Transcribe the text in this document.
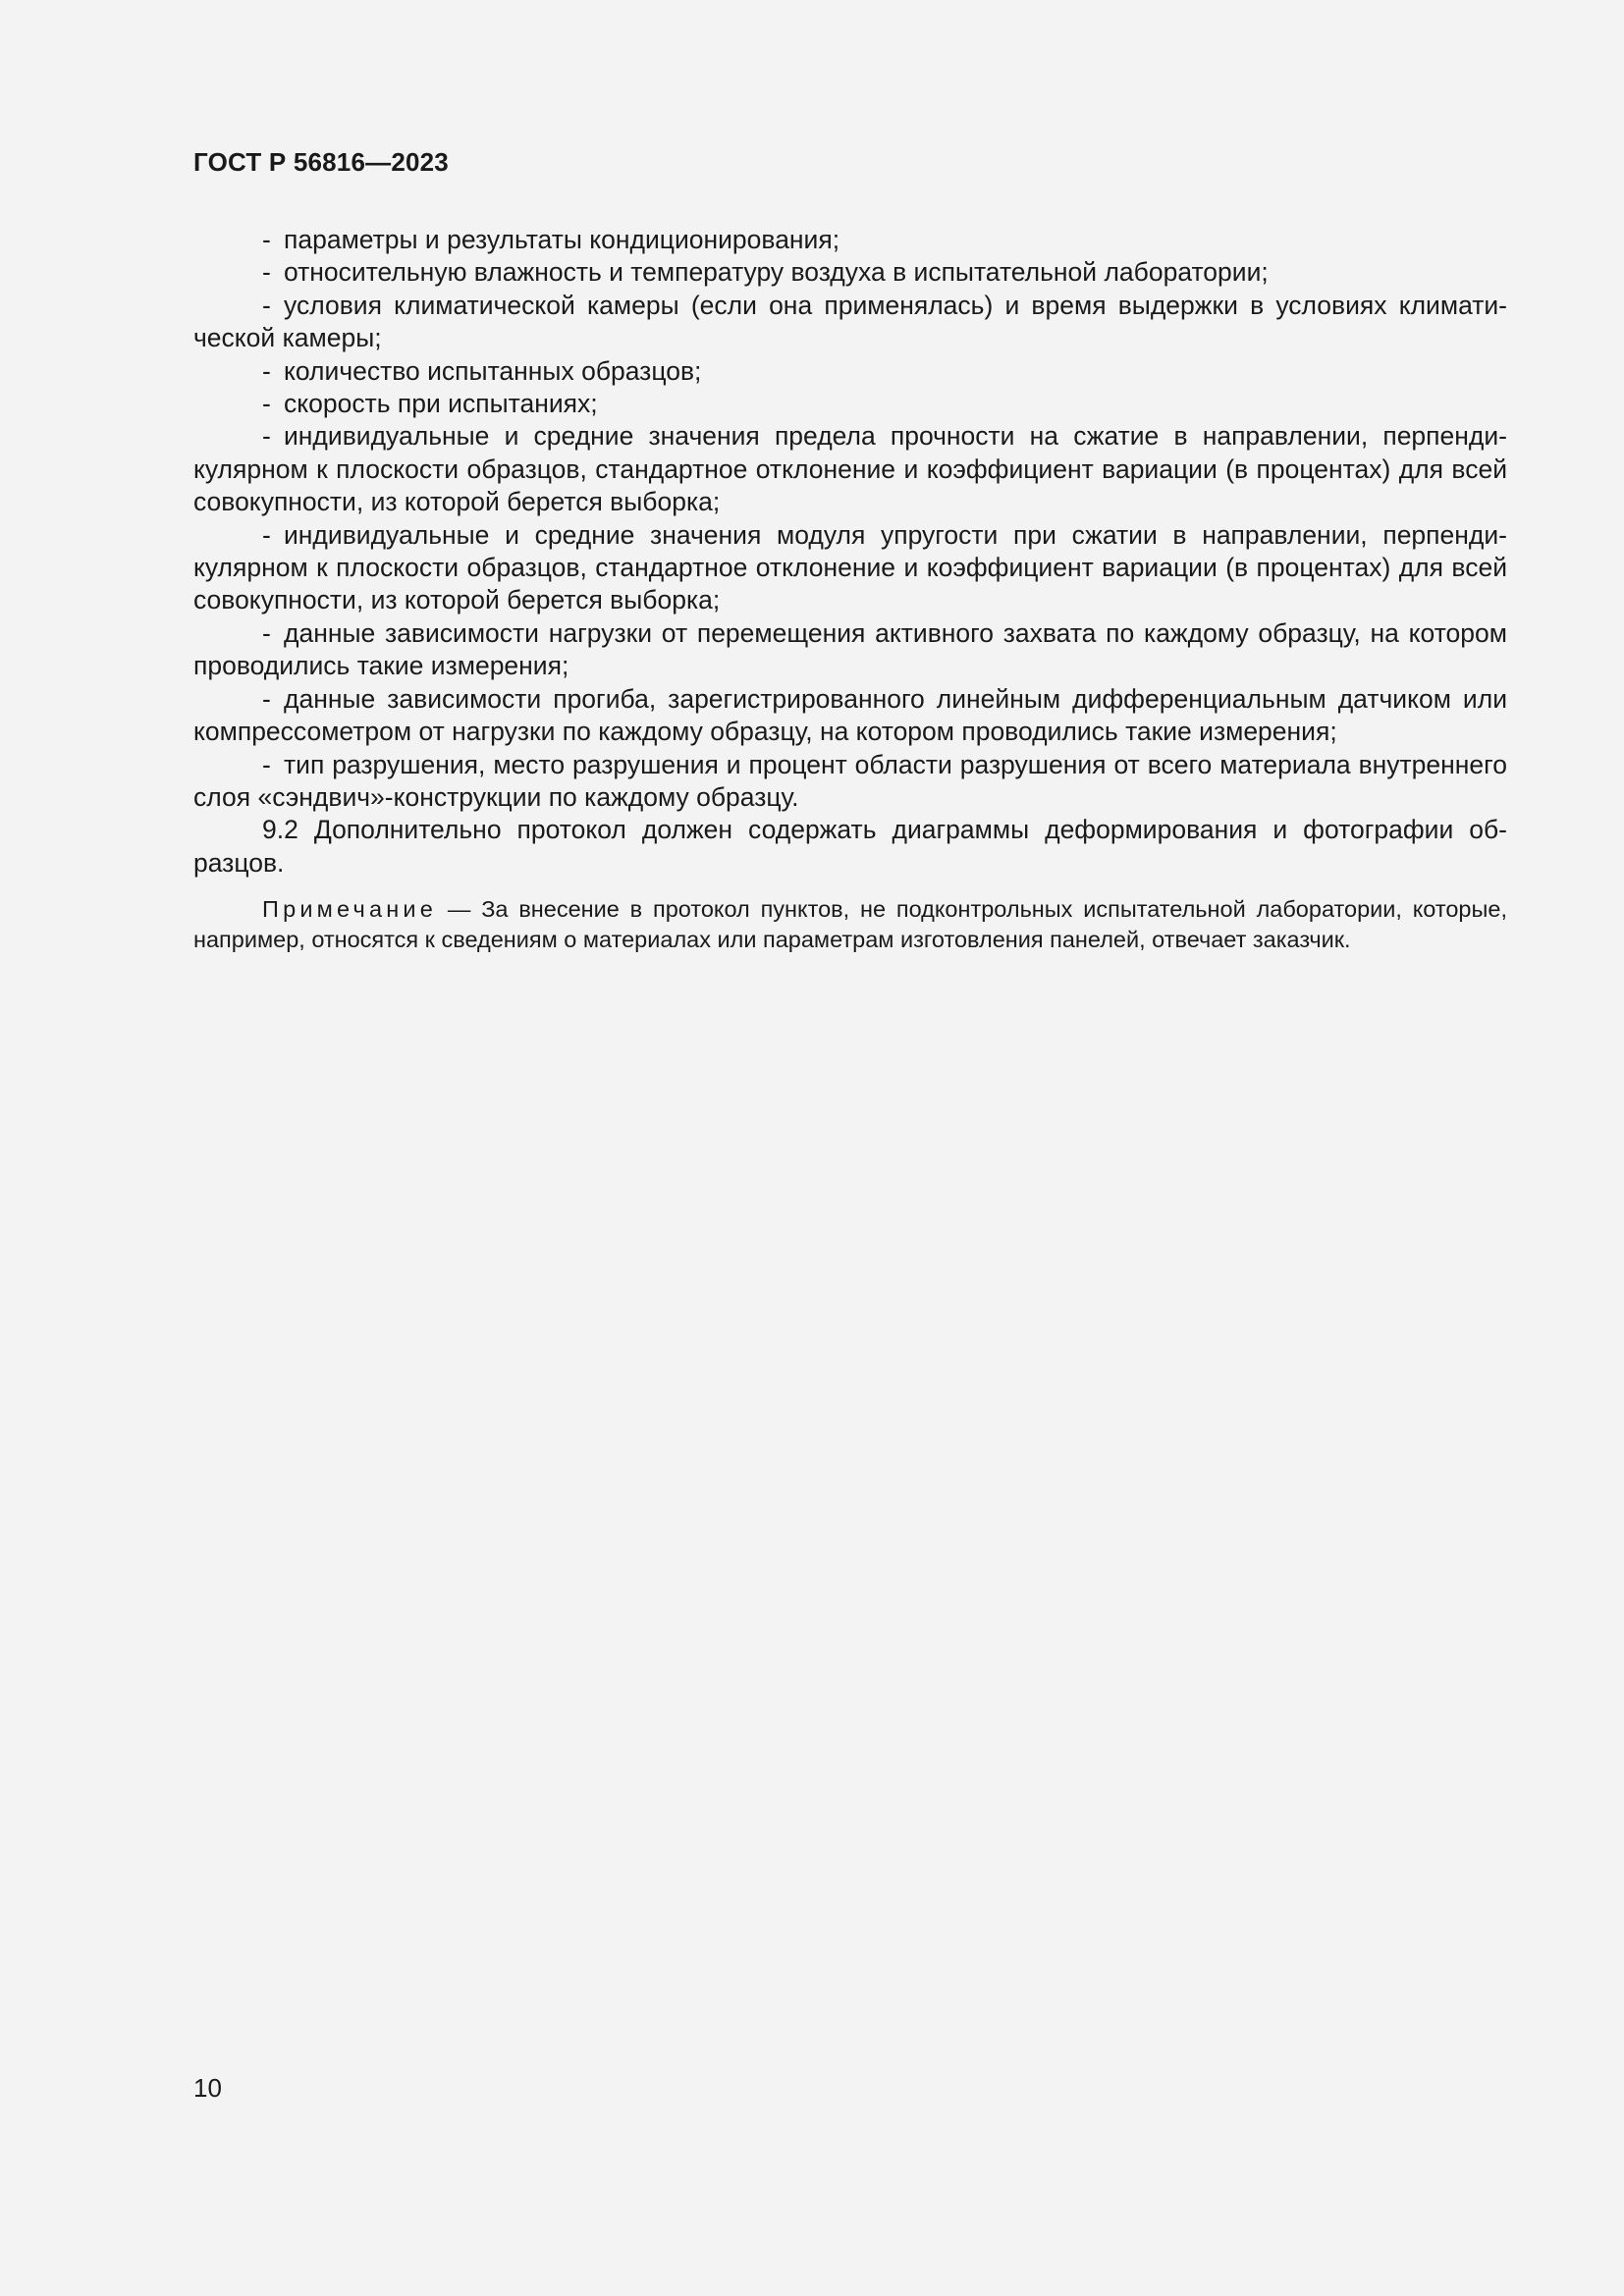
ГОСТ Р 56816—2023

- параметры и результаты кондиционирования;

- относительную влажность и температуру воздуха в испытательной лаборатории;

- условия климатической камеры (если она применялась) и время выдержки в условиях климатической камеры;

- количество испытанных образцов;

- скорость при испытаниях;

- индивидуальные и средние значения предела прочности на сжатие в направлении, перпендикулярном к плоскости образцов, стандартное отклонение и коэффициент вариации (в процентах) для всей совокупности, из которой берется выборка;

- индивидуальные и средние значения модуля упругости при сжатии в направлении, перпендикулярном к плоскости образцов, стандартное отклонение и коэффициент вариации (в процентах) для всей совокупности, из которой берется выборка;

- данные зависимости нагрузки от перемещения активного захвата по каждому образцу, на котором проводились такие измерения;

- данные зависимости прогиба, зарегистрированного линейным дифференциальным датчиком или компрессометром от нагрузки по каждому образцу, на котором проводились такие измерения;

- тип разрушения, место разрушения и процент области разрушения от всего материала внутреннего слоя «сэндвич»-конструкции по каждому образцу.

9.2 Дополнительно протокол должен содержать диаграммы деформирования и фотографии образцов.

Примечание — За внесение в протокол пунктов, не подконтрольных испытательной лаборатории, которые, например, относятся к сведениям о материалах или параметрам изготовления панелей, отвечает заказчик.

10
